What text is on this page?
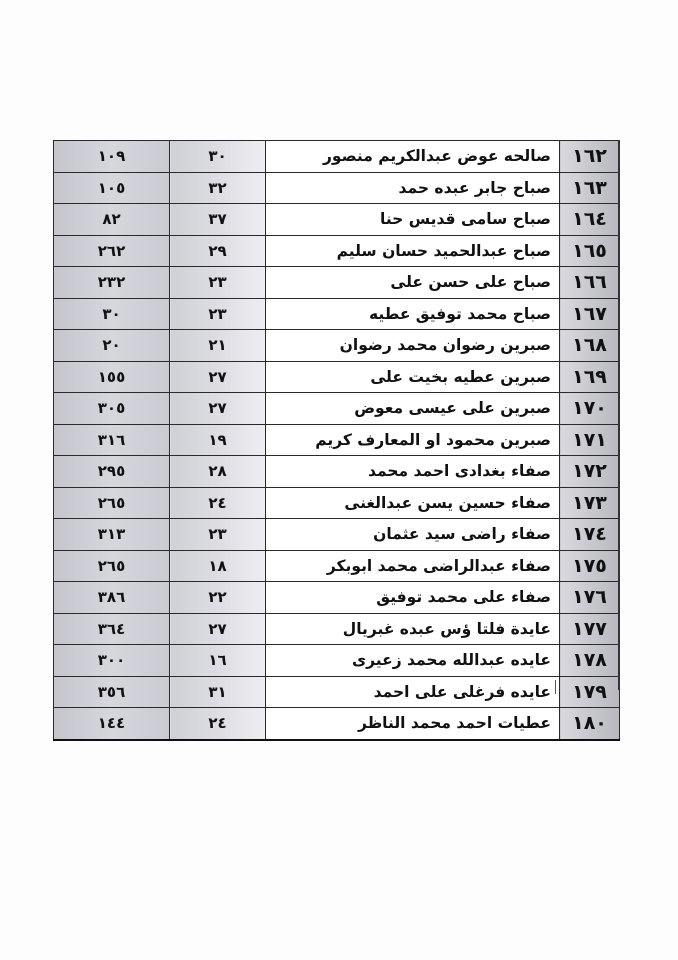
١٠٩	٣٠	صالحه عوض عبدالكريم منصور	١٦٢
١٠٥	٣٢	صباح جابر عبده حمد	١٦٣
٨٢	٣٧	صباح سامى قديس حنا	١٦٤
٢٦٢	٢٩	صباح عبدالحميد حسان سليم	١٦٥
٢٣٢	٢٣	صباح على حسن على	١٦٦
٣٠	٢٣	صباح محمد توفيق عطيه	١٦٧
٢٠	٢١	صبرين رضوان محمد رضوان	١٦٨
١٥٥	٢٧	صبرين عطيه بخيت على	١٦٩
٣٠٥	٢٧	صبرين على عيسى معوض	١٧٠
٣١٦	١٩	صبرين محمود او المعارف كريم	١٧١
٢٩٥	٢٨	صفاء بغدادى احمد محمد	١٧٢
٢٦٥	٢٤	صفاء حسين يسن عبدالغنى	١٧٣
٣١٣	٢٣	صفاء راضى سيد عثمان	١٧٤
٢٦٥	١٨	صفاء عبدالراضى محمد ابوبكر	١٧٥
٣٨٦	٢٢	صفاء على محمد توفيق	١٧٦
٣٦٤	٢٧	عايدة فلتا ؤس عبده غبريال	١٧٧
٣٠٠	١٦	عايده عبدالله محمد زعيرى	١٧٨
٣٥٦	٣١	عايده فرغلى على احمد	١٧٩
١٤٤	٢٤	عطيات احمد محمد الناظر	١٨٠
